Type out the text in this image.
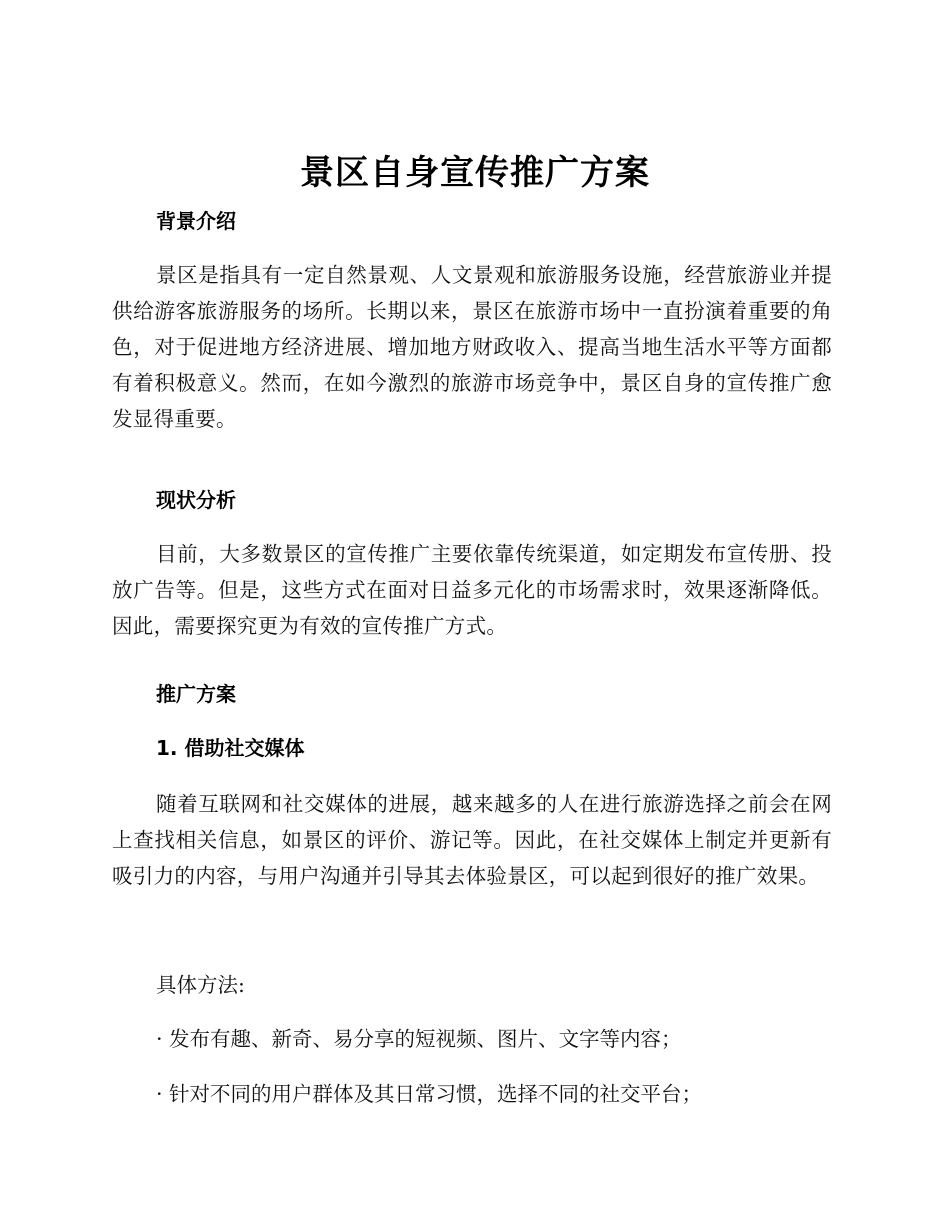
景区自身宣传推广方案
背景介绍
景区是指具有一定自然景观、人文景观和旅游服务设施，经营旅游业并提供给游客旅游服务的场所。长期以来，景区在旅游市场中一直扮演着重要的角色，对于促进地方经济进展、增加地方财政收入、提高当地生活水平等方面都有着积极意义。然而，在如今激烈的旅游市场竞争中，景区自身的宣传推广愈发显得重要。
现状分析
目前，大多数景区的宣传推广主要依靠传统渠道，如定期发布宣传册、投放广告等。但是，这些方式在面对日益多元化的市场需求时，效果逐渐降低。因此，需要探究更为有效的宣传推广方式。
推广方案
1. 借助社交媒体
随着互联网和社交媒体的进展，越来越多的人在进行旅游选择之前会在网上查找相关信息，如景区的评价、游记等。因此，在社交媒体上制定并更新有吸引力的内容，与用户沟通并引导其去体验景区，可以起到很好的推广效果。
具体方法:
· 发布有趣、新奇、易分享的短视频、图片、文字等内容；
· 针对不同的用户群体及其日常习惯，选择不同的社交平台；
